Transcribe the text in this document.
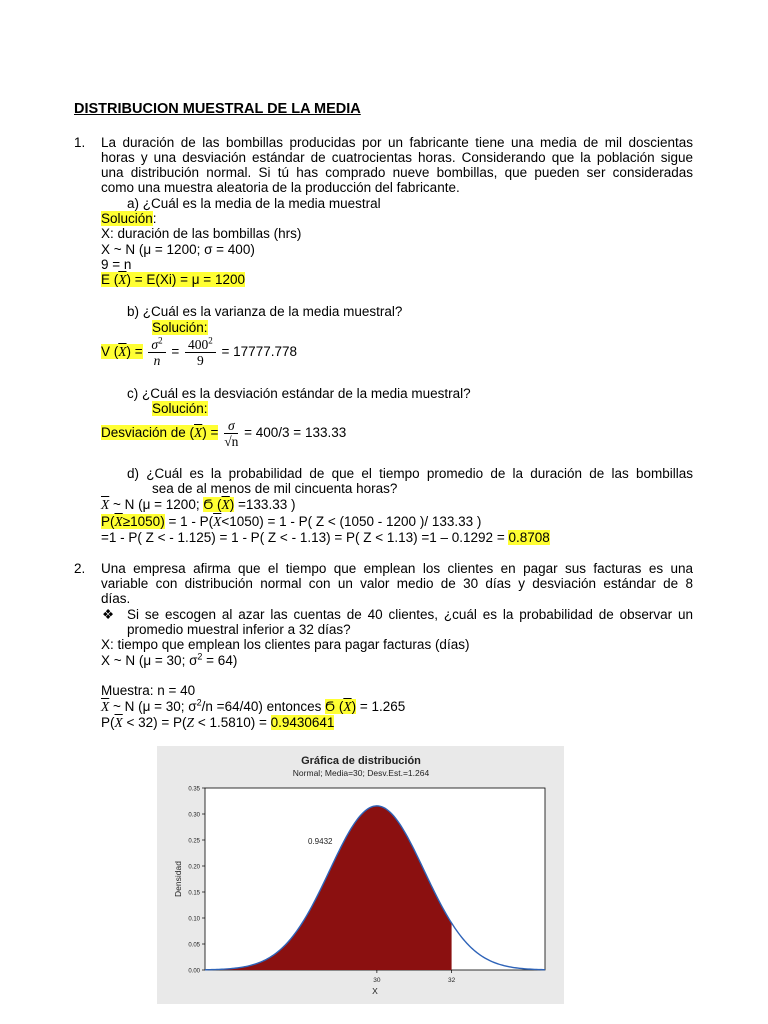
DISTRIBUCION MUESTRAL DE LA MEDIA
1. La duración de las bombillas producidas por un fabricante tiene una media de mil doscientas
horas y una desviación estándar de cuatrocientas horas. Considerando que la población sigue
una distribución normal. Si tú has comprado nueve bombillas, que pueden ser consideradas
como una muestra aleatoria de la producción del fabricante.
a) ¿Cuál es la media de la media muestral
Solución:
X: duración de las bombillas (hrs)
X ~ N (μ = 1200; σ = 400)
9 = n
E $(\overline{X}) = E(Xi) = \mu = 1200$
b) ¿Cuál es la varianza de la media muestral?
Solución:
V $(\overline{X}) = \frac{\sigma^2}{n} = \frac{400^2}{9} = 17777.778$
c) ¿Cuál es la desviación estándar de la media muestral?
Solución:
Desviación de $(\overline{X}) = \frac{\sigma}{√n} = 400/3 = 133.33$
d) ¿Cuál es la probabilidad de que el tiempo promedio de la duración de las bombillas
sea de al menos de mil cincuenta horas?
$\overline{X}$ ~ N (μ = 1200; Ϭ $(\overline{X}) =133.33$ )
$P(\overline{X}\ge 1050) = 1 - P(\overline{X}<1050) = 1 - P$( Z < (1050 - 1200 )/ 133.33 )
=1 - P( Z < - 1.125) = 1 - P( Z < - 1.13) = P( Z < 1.13) =1 – 0.1292 = 0.8708
2. Una empresa afirma que el tiempo que emplean los clientes en pagar sus facturas es una
variable con distribución normal con un valor medio de 30 días y desviación estándar de 8
días.
❖ Si se escogen al azar las cuentas de 40 clientes, ¿cuál es la probabilidad de observar un
promedio muestral inferior a 32 días?
X: tiempo que emplean los clientes para pagar facturas (días)
X ~ N (μ = 30; $\sigma^2 = 64$)
Muestra: n = 40
$\overline{X}$ ~ N (μ = 30; $\sigma^2/n =64/40$) entonces Ϭ $(\overline{X}) = 1.265$
$P(\overline{X} < 32) = P(Z < 1.5810) = 0.9430641$
Gráfica de distribución
Normal; Media=30; Desv.Est.=1.264
0.35
0.30
0.25
0.20
0.15
0.10
0.05
0.00
30	32
0.9432
Densidad
X
